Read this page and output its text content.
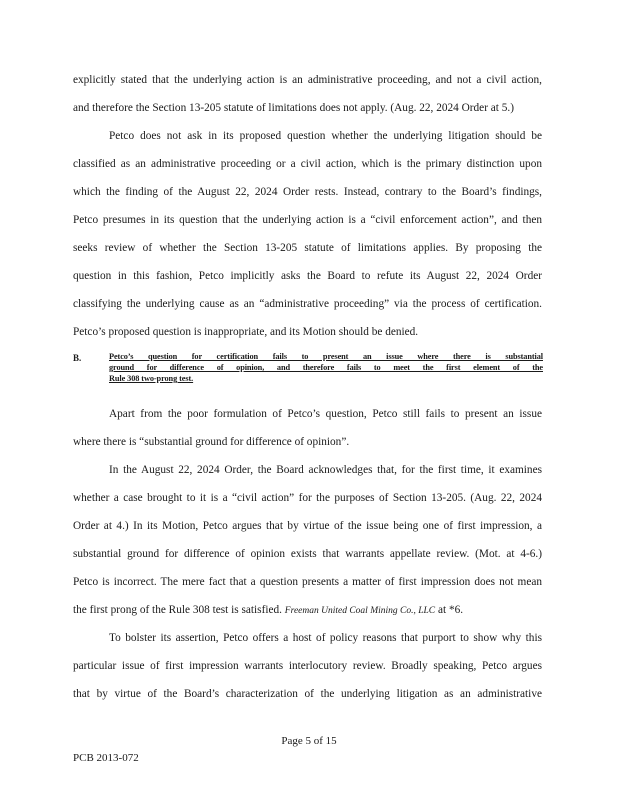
explicitly stated that the underlying action is an administrative proceeding, and not a civil action,
and therefore the Section 13-205 statute of limitations does not apply. (Aug. 22, 2024 Order at 5.)
Petco does not ask in its proposed question whether the underlying litigation should be
classified as an administrative proceeding or a civil action, which is the primary distinction upon
which the finding of the August 22, 2024 Order rests. Instead, contrary to the Board’s findings,
Petco presumes in its question that the underlying action is a “civil enforcement action”, and then
seeks review of whether the Section 13-205 statute of limitations applies. By proposing the
question in this fashion, Petco implicitly asks the Board to refute its August 22, 2024 Order
classifying the underlying cause as an “administrative proceeding” via the process of certification.
Petco’s proposed question is inappropriate, and its Motion should be denied.
B.	Petco’s question for certification fails to present an issue where there is substantial
ground for difference of opinion, and therefore fails to meet the first element of the
Rule 308 two-prong test.
Apart from the poor formulation of Petco’s question, Petco still fails to present an issue
where there is “substantial ground for difference of opinion”.
In the August 22, 2024 Order, the Board acknowledges that, for the first time, it examines
whether a case brought to it is a “civil action” for the purposes of Section 13-205. (Aug. 22, 2024
Order at 4.) In its Motion, Petco argues that by virtue of the issue being one of first impression, a
substantial ground for difference of opinion exists that warrants appellate review. (Mot. at 4-6.)
Petco is incorrect. The mere fact that a question presents a matter of first impression does not mean
the first prong of the Rule 308 test is satisfied. Freeman United Coal Mining Co., LLC at *6.
To bolster its assertion, Petco offers a host of policy reasons that purport to show why this
particular issue of first impression warrants interlocutory review. Broadly speaking, Petco argues
that by virtue of the Board’s characterization of the underlying litigation as an administrative
Page 5 of 15
PCB 2013-072
